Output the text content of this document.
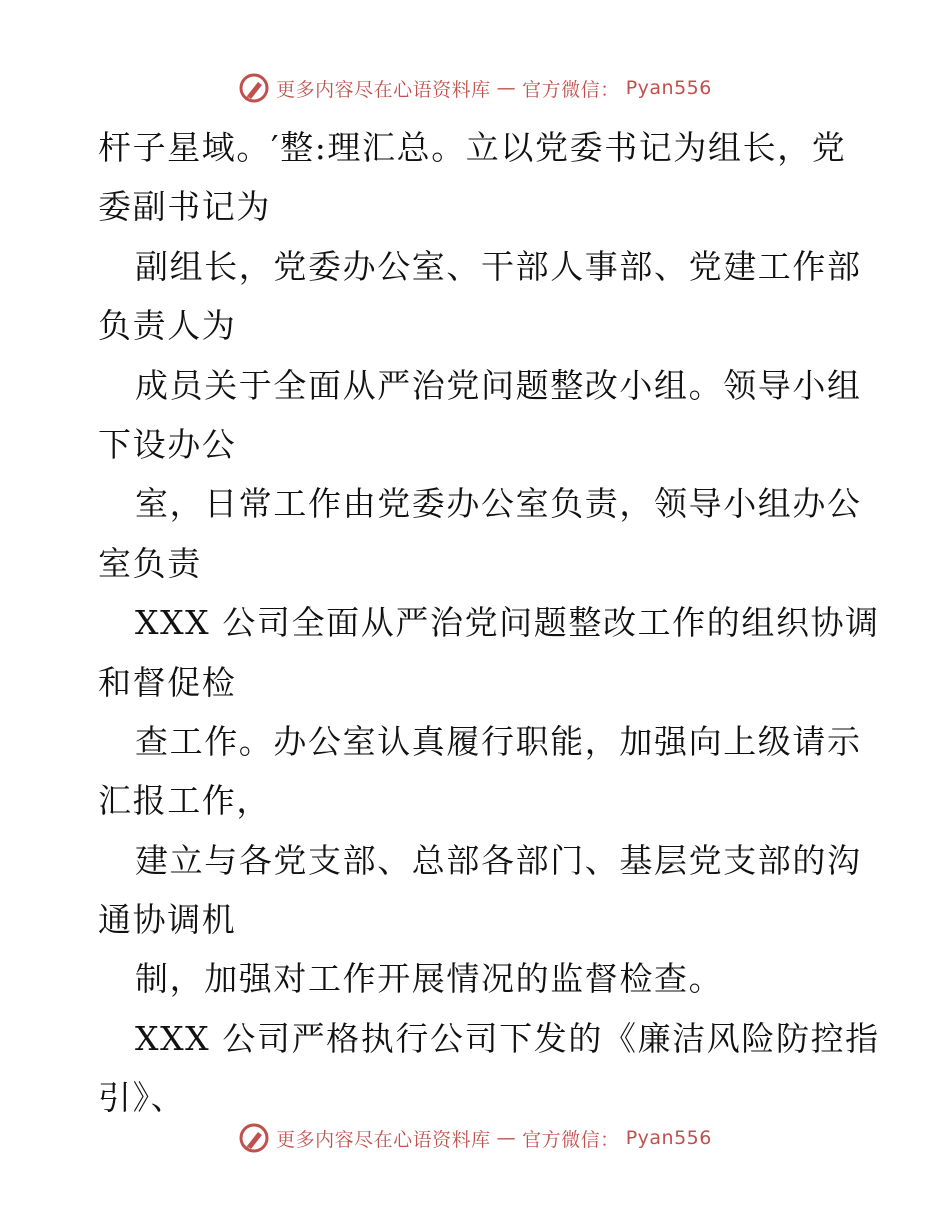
更多内容尽在心语资料库 — 官方微信： Pyan556
杆子星域。′整:理汇总。立以党委书记为组长，党
委副书记为
副组长，党委办公室、干部人事部、党建工作部
负责人为
成员关于全面从严治党问题整改小组。领导小组
下设办公
室，日常工作由党委办公室负责，领导小组办公
室负责
XXX 公司全面从严治党问题整改工作的组织协调
和督促检
查工作。办公室认真履行职能，加强向上级请示
汇报工作，
建立与各党支部、总部各部门、基层党支部的沟
通协调机
制，加强对工作开展情况的监督检查。
XXX 公司严格执行公司下发的《廉洁风险防控指
引》、
更多内容尽在心语资料库 — 官方微信： Pyan556
